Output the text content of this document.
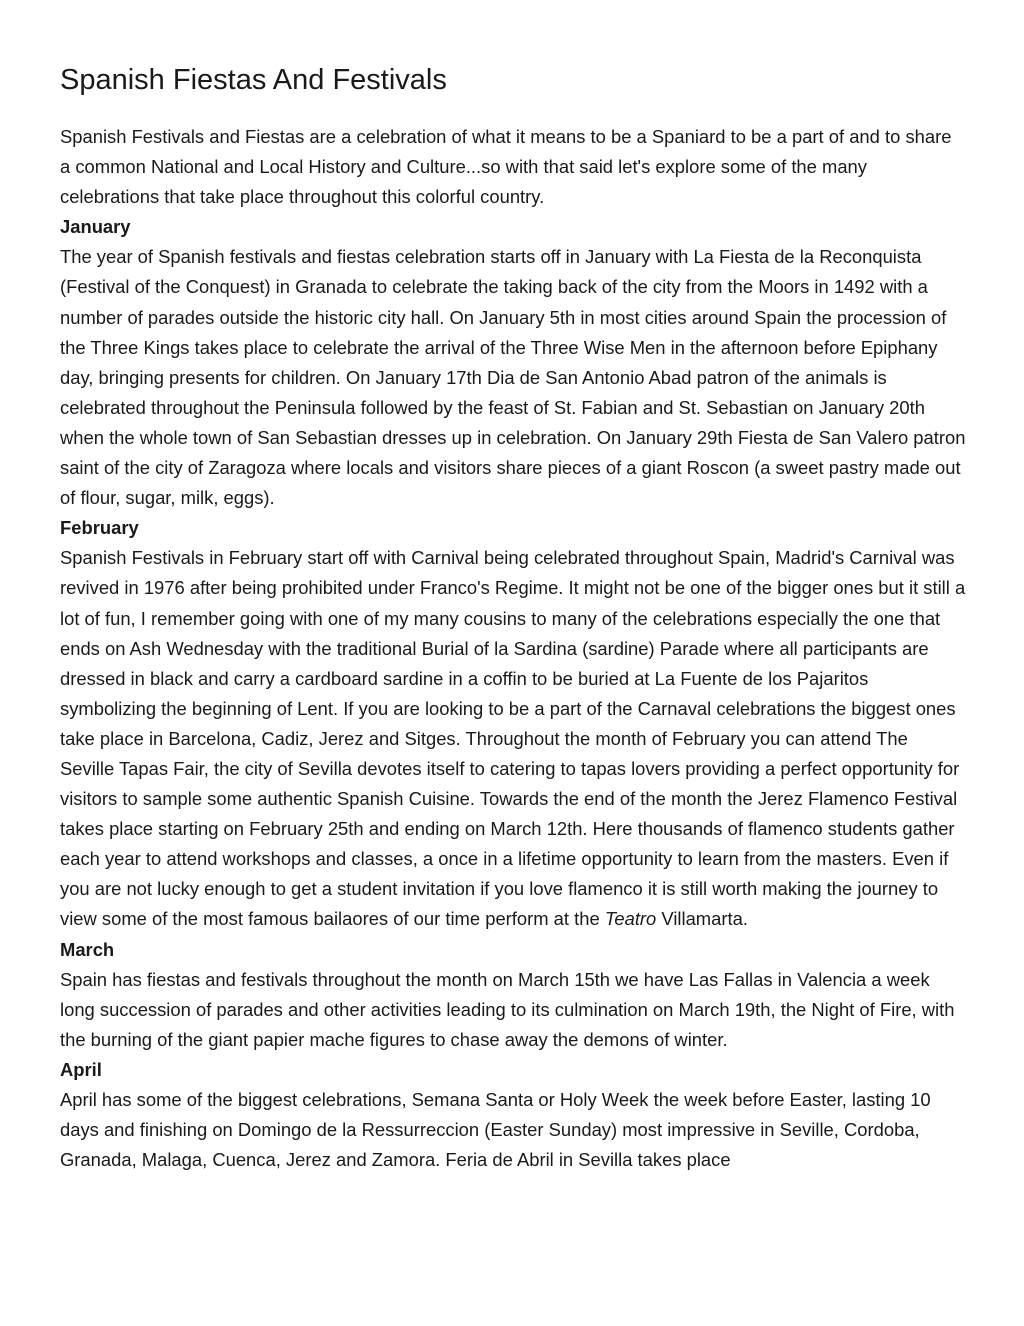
Spanish Fiestas And Festivals

Spanish Festivals and Fiestas are a celebration of what it means to be a Spaniard to be a part of and to share a common National and Local History and Culture...so with that said let's explore some of the many celebrations that take place throughout this colorful country.

January

The year of Spanish festivals and fiestas celebration starts off in January with La Fiesta de la Reconquista (Festival of the Conquest) in Granada to celebrate the taking back of the city from the Moors in 1492 with a number of parades outside the historic city hall. On January 5th in most cities around Spain the procession of the Three Kings takes place to celebrate the arrival of the Three Wise Men in the afternoon before Epiphany day, bringing presents for children. On January 17th Dia de San Antonio Abad patron of the animals is celebrated throughout the Peninsula followed by the feast of St. Fabian and St. Sebastian on January 20th when the whole town of San Sebastian dresses up in celebration. On January 29th Fiesta de San Valero patron saint of the city of Zaragoza where locals and visitors share pieces of a giant Roscon (a sweet pastry made out of flour, sugar, milk, eggs).

February

Spanish Festivals in February start off with Carnival being celebrated throughout Spain, Madrid's Carnival was revived in 1976 after being prohibited under Franco's Regime. It might not be one of the bigger ones but it still a lot of fun, I remember going with one of my many cousins to many of the celebrations especially the one that ends on Ash Wednesday with the traditional Burial of la Sardina (sardine) Parade where all participants are dressed in black and carry a cardboard sardine in a coffin to be buried at La Fuente de los Pajaritos symbolizing the beginning of Lent. If you are looking to be a part of the Carnaval celebrations the biggest ones take place in Barcelona, Cadiz, Jerez and Sitges. Throughout the month of February you can attend The Seville Tapas Fair, the city of Sevilla devotes itself to catering to tapas lovers providing a perfect opportunity for visitors to sample some authentic Spanish Cuisine. Towards the end of the month the Jerez Flamenco Festival takes place starting on February 25th and ending on March 12th. Here thousands of flamenco students gather each year to attend workshops and classes, a once in a lifetime opportunity to learn from the masters. Even if you are not lucky enough to get a student invitation if you love flamenco it is still worth making the journey to view some of the most famous bailaores of our time perform at the Teatro Villamarta.

March

Spain has fiestas and festivals throughout the month on March 15th we have Las Fallas in Valencia a week long succession of parades and other activities leading to its culmination on March 19th, the Night of Fire, with the burning of the giant papier mache figures to chase away the demons of winter.

April

April has some of the biggest celebrations, Semana Santa or Holy Week the week before Easter, lasting 10 days and finishing on Domingo de la Ressurreccion (Easter Sunday) most impressive in Seville, Cordoba, Granada, Malaga, Cuenca, Jerez and Zamora. Feria de Abril in Sevilla takes place
